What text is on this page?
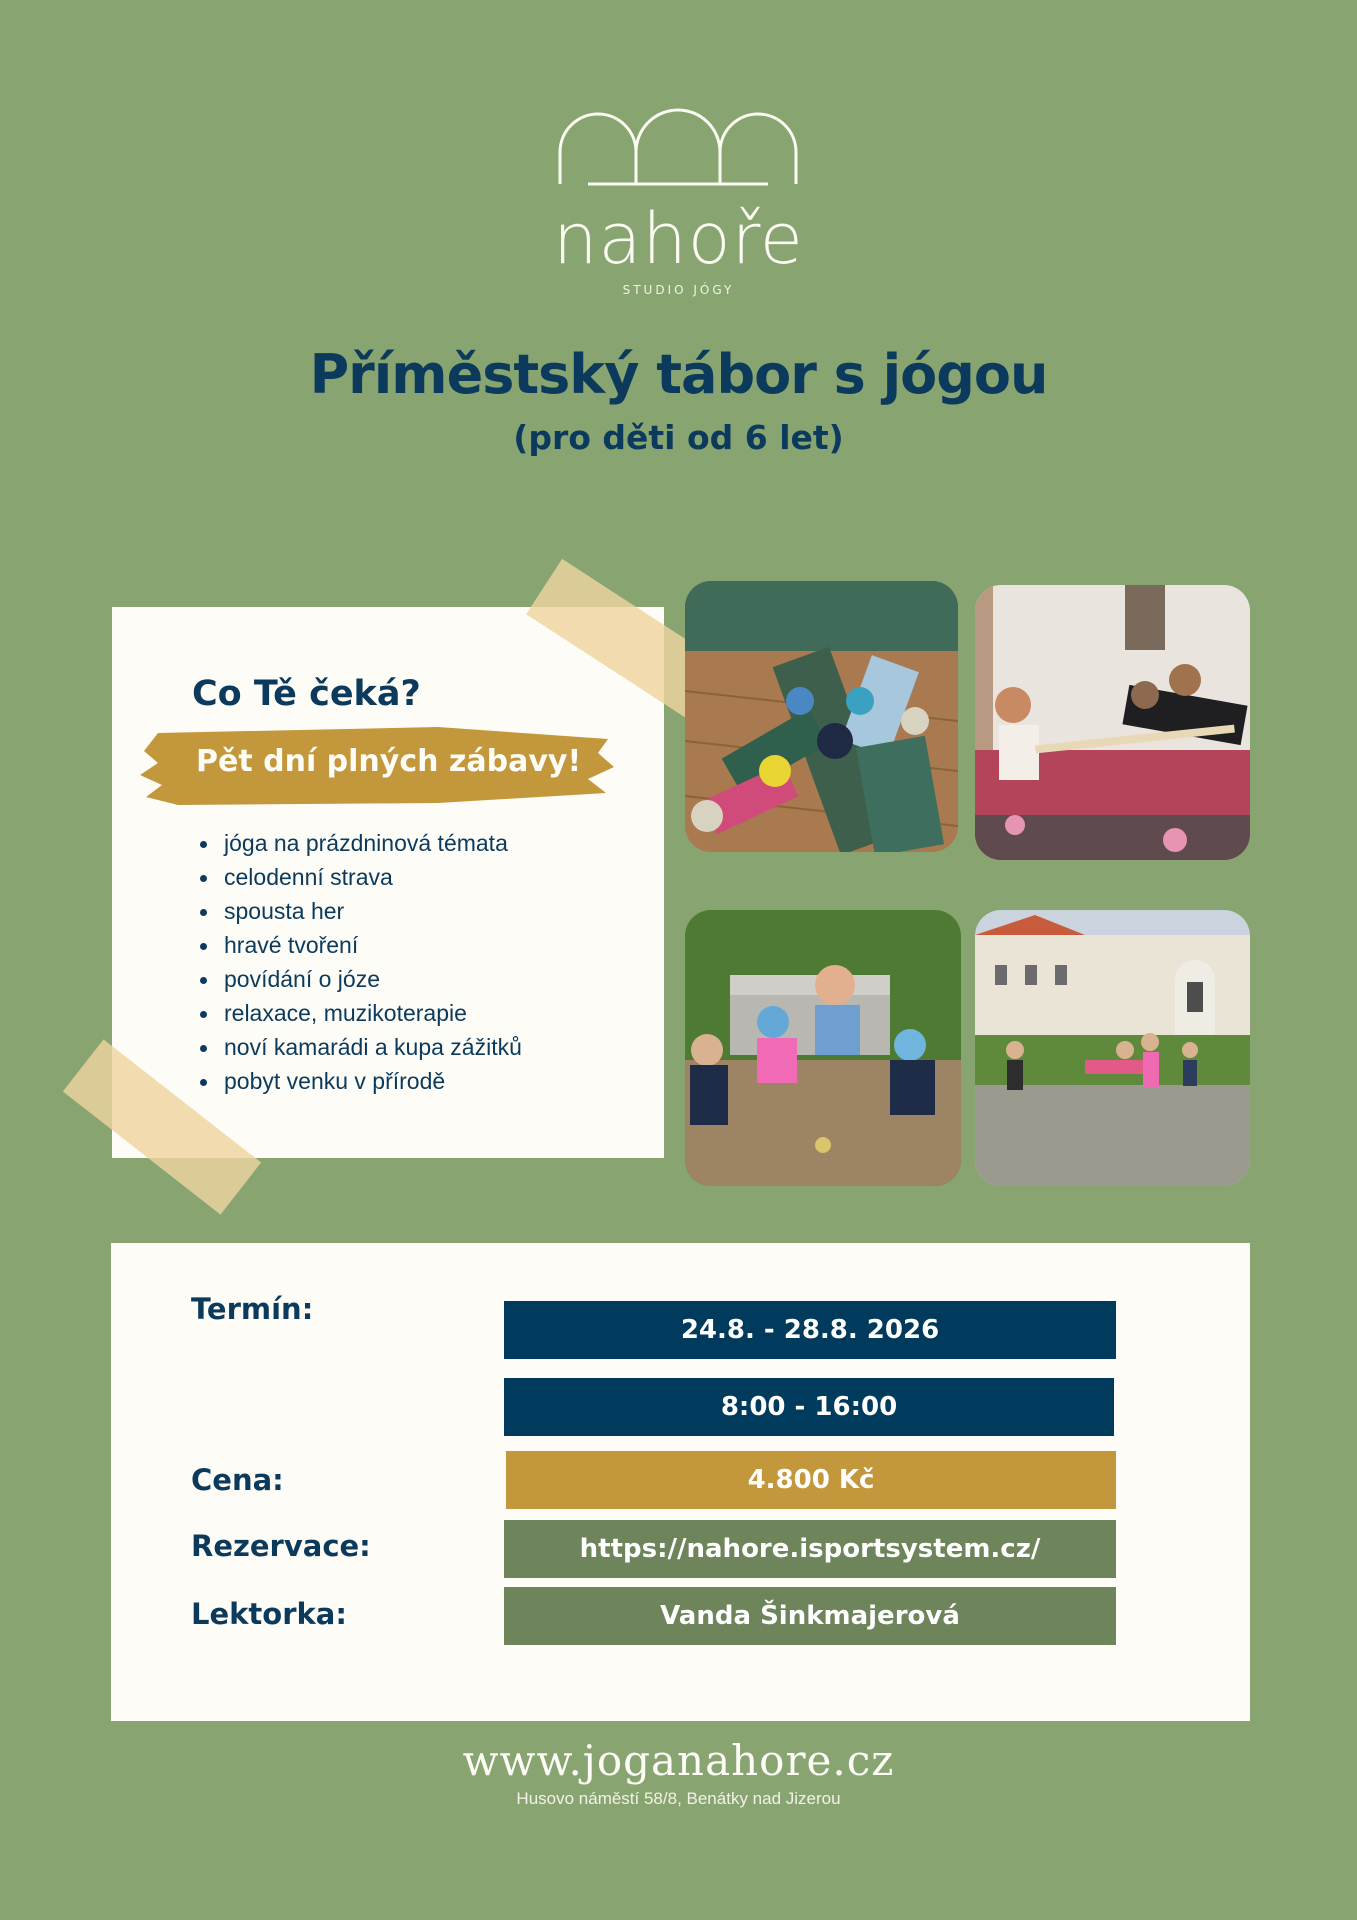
nahoře
STUDIO JÓGY
Příměstský tábor s jógou
(pro děti od 6 let)
Co Tě čeká?
Pět dní plných zábavy!
jóga na prázdninová témata
celodenní strava
spousta her
hravé tvoření
povídání o józe
relaxace, muzikoterapie
noví kamarádi a kupa zážitků
pobyt venku v přírodě
Termín:
24.8. - 28.8. 2026
8:00 - 16:00
Cena:	4.800 Kč
Rezervace:	https://nahore.isportsystem.cz/
Lektorka:	Vanda Šinkmajerová
www.joganahore.cz
Husovo náměstí 58/8, Benátky nad Jizerou
